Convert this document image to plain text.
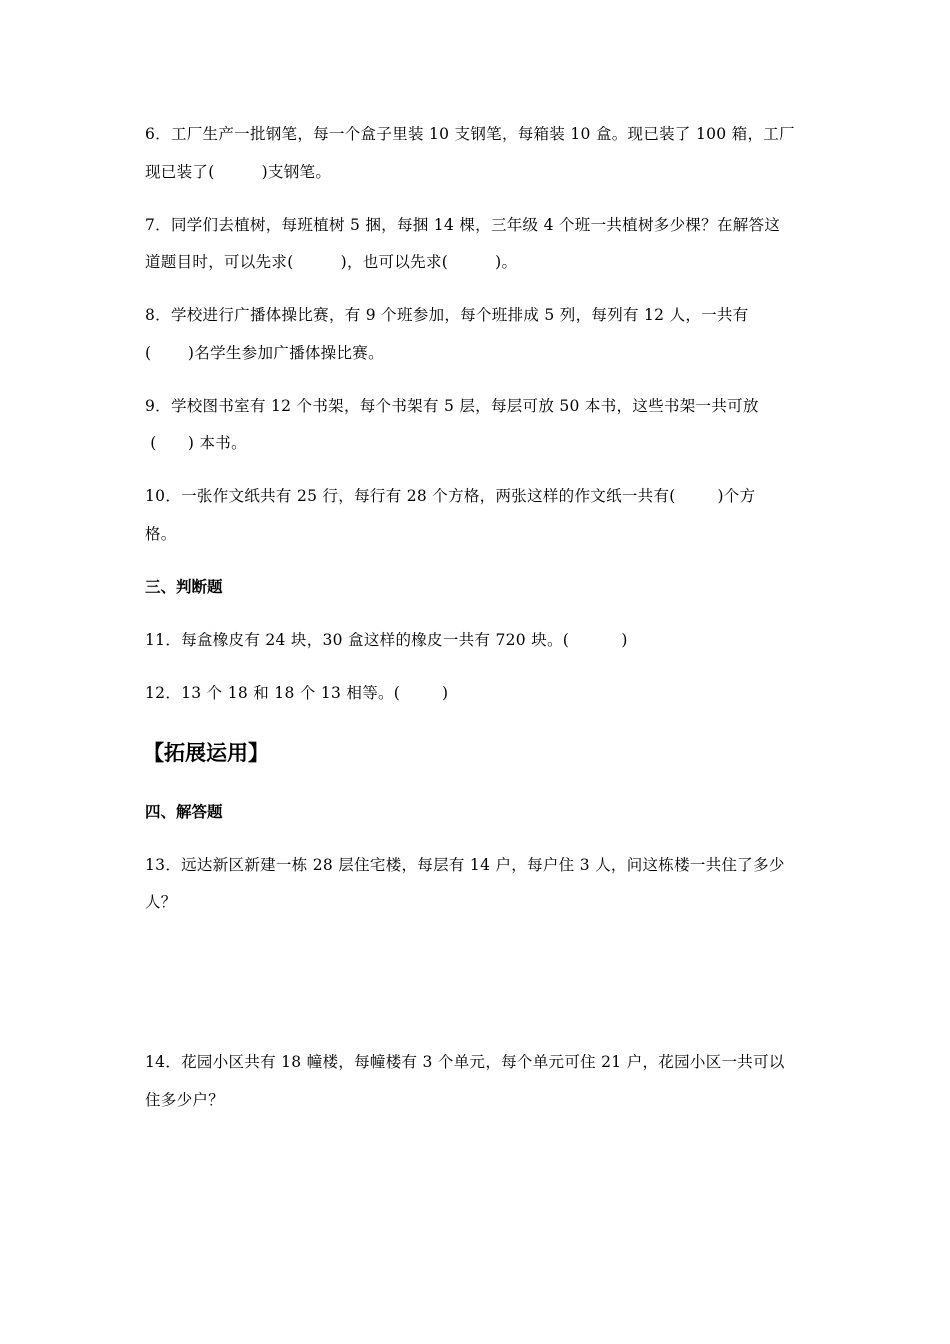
6．工厂生产一批钢笔，每一个盒子里装 10 支钢笔，每箱装 10 盒。现已装了 100 箱，工厂
现已装了(         )支钢笔。
7．同学们去植树，每班植树 5 捆，每捆 14 棵，三年级 4 个班一共植树多少棵？在解答这
道题目时，可以先求(         )，也可以先求(         )。
8．学校进行广播体操比赛，有 9 个班参加，每个班排成 5 列，每列有 12 人，一共有
(       )名学生参加广播体操比赛。
9．学校图书室有 12 个书架，每个书架有 5 层，每层可放 50 本书，这些书架一共可放
(      ) 本书。
10．一张作文纸共有 25 行，每行有 28 个方格，两张这样的作文纸一共有(        )个方
格。
三、判断题
11．每盒橡皮有 24 块，30 盒这样的橡皮一共有 720 块。(          )
12．13 个 18 和 18 个 13 相等。(        )
【拓展运用】
四、解答题
13．远达新区新建一栋 28 层住宅楼，每层有 14 户，每户住 3 人，问这栋楼一共住了多少
人？
14．花园小区共有 18 幢楼，每幢楼有 3 个单元，每个单元可住 21 户，花园小区一共可以
住多少户？
